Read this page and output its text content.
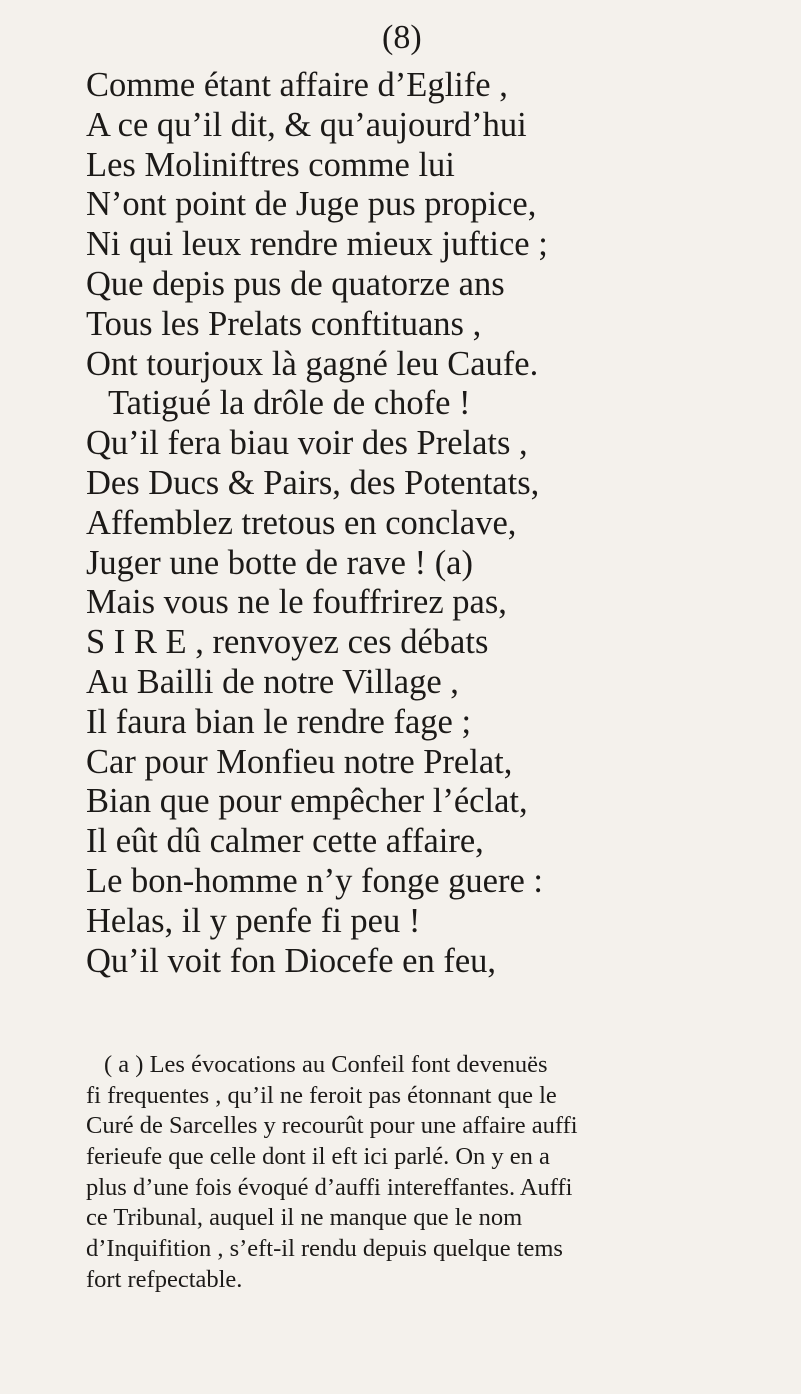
(8)
Comme étant affaire d’Eglife ,
A ce qu’il dit, & qu’aujourd’hui
Les Moliniftres comme lui
N’ont point de Juge pus propice,
Ni qui leux rendre mieux juftice ;
Que depis pus de quatorze ans
Tous les Prelats conftituans ,
Ont tourjoux là gagné leu Caufe.
Tatigué la drôle de chofe !
Qu’il fera biau voir des Prelats ,
Des Ducs & Pairs, des Potentats,
Affemblez tretous en conclave,
Juger une botte de rave ! (a)
Mais vous ne le fouffrirez pas,
S I R E , renvoyez ces débats
Au Bailli de notre Village ,
Il faura bian le rendre fage ;
Car pour Monfieu notre Prelat,
Bian que pour empêcher l’éclat,
Il eût dû calmer cette affaire,
Le bon-homme n’y fonge guere :
Helas, il y penfe fi peu !
Qu’il voit fon Diocefe en feu,
( a ) Les évocations au Confeil font devenuës
fi frequentes , qu’il ne feroit pas étonnant que le
Curé de Sarcelles y recourût pour une affaire auffi
ferieufe que celle dont il eft ici parlé. On y en a
plus d’une fois évoqué d’auffi intereffantes. Auffi
ce Tribunal, auquel il ne manque que le nom
d’Inquifition , s’eft-il rendu depuis quelque tems
fort refpectable.
